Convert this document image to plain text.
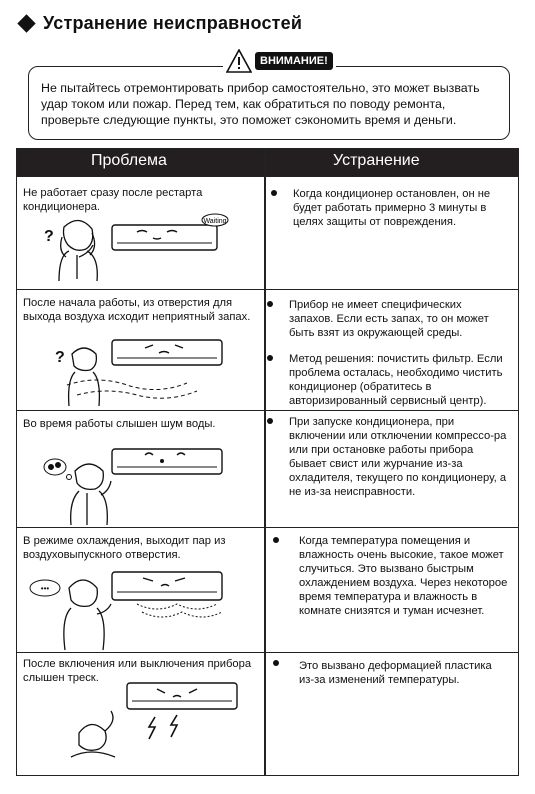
Устранение неисправностей
Не пытайтесь отремонтировать прибор самостоятельно, это может вызвать удар током или пожар. Перед тем, как обратиться по поводу ремонта, проверьте следующие пункты, это поможет сэкономить время и деньги.
ВНИМАНИЕ!
Проблема	Устранение
Не работает сразу после рестарта кондиционера.
Waiting
?
Когда кондиционер остановлен, он не будет работать примерно 3 минуты в целях защиты от повреждения.
После начала работы, из отверстия для выхода воздуха исходит неприятный запах.
?
Прибор не имеет специфических запахов. Если есть запах, то он может быть взят из окружающей среды.
Метод решения: почистить фильтр. Если проблема осталась, необходимо чистить кондиционер (обратитесь в авторизированный сервисный центр).
Во время работы слышен шум воды.	При запуске кондиционера, при включении или отключении компрессо-ра или при остановке работы прибора бывает свист или журчание из-за охладителя, текущего по кондиционеру, а не из-за неисправности.
В режиме охлаждения, выходит пар из воздуховыпускного отверстия.
•••
Когда температура помещения и влажность очень высокие, такое может случиться. Это вызвано быстрым охлаждением воздуха. Через некоторое время температура и влажность в комнате снизятся и туман исчезнет.
После включения или выключения прибора слышен треск.
Это вызвано деформацией пластика из-за изменений температуры.
